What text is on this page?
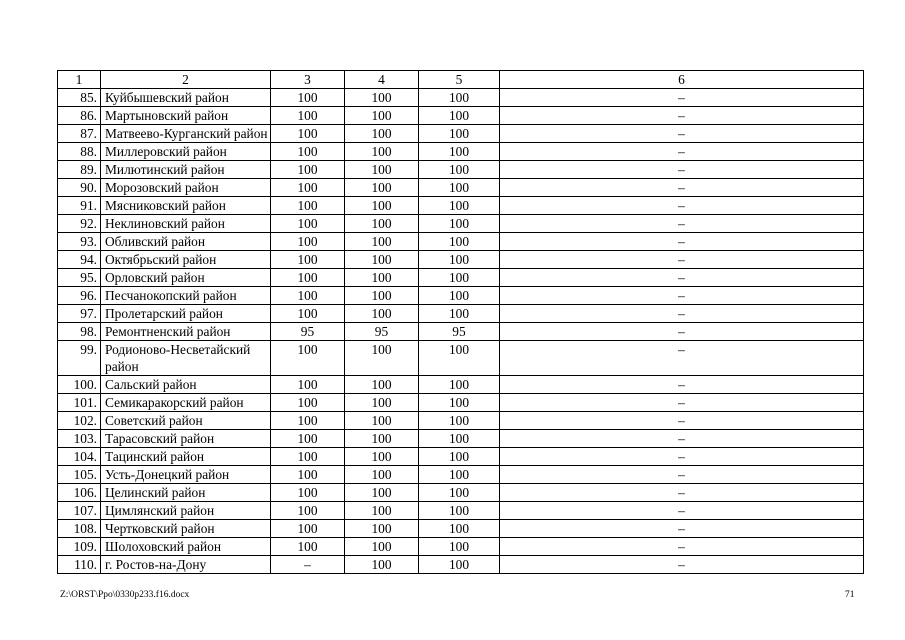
1	2	3	4	5	6
85.	Куйбышевский район	100	100	100	–
86.	Мартыновский район	100	100	100	–
87.	Матвеево-Курганский район	100	100	100	–
88.	Миллеровский район	100	100	100	–
89.	Милютинский район	100	100	100	–
90.	Морозовский район	100	100	100	–
91.	Мясниковский район	100	100	100	–
92.	Неклиновский район	100	100	100	–
93.	Обливский район	100	100	100	–
94.	Октябрьский район	100	100	100	–
95.	Орловский район	100	100	100	–
96.	Песчанокопский район	100	100	100	–
97.	Пролетарский район	100	100	100	–
98.	Ремонтненский район	95	95	95	–
99.	Родионово-Несветайский район	100	100	100	–
100.	Сальский район	100	100	100	–
101.	Семикаракорский район	100	100	100	–
102.	Советский район	100	100	100	–
103.	Тарасовский район	100	100	100	–
104.	Тацинский район	100	100	100	–
105.	Усть-Донецкий район	100	100	100	–
106.	Целинский район	100	100	100	–
107.	Цимлянский район	100	100	100	–
108.	Чертковский район	100	100	100	–
109.	Шолоховский район	100	100	100	–
110.	г. Ростов-на-Дону	–	100	100	–
Z:\ORST\Ppo\0330p233.f16.docx	71
